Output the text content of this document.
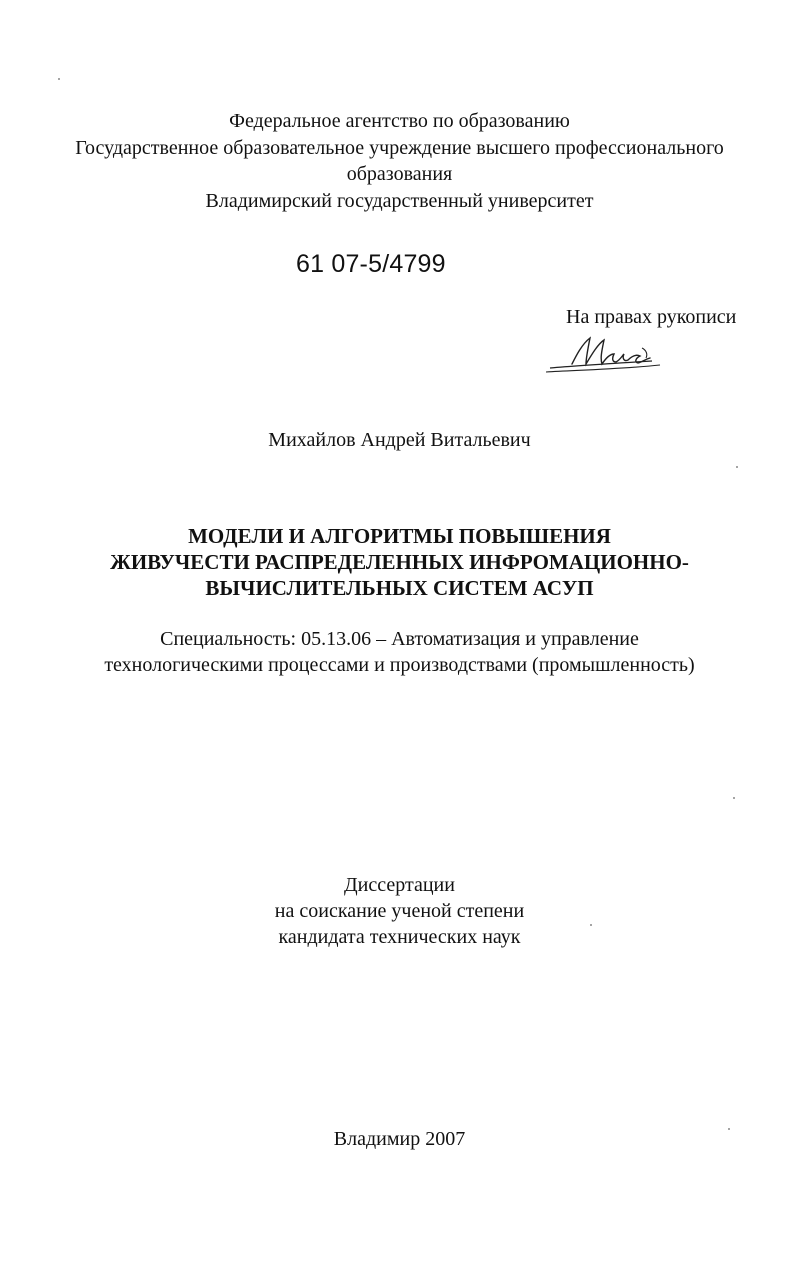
Федеральное агентство по образованию
Государственное образовательное учреждение высшего профессионального
образования
Владимирский государственный университет
61 07-5/4799
На правах рукописи
Михайлов Андрей Витальевич
МОДЕЛИ И АЛГОРИТМЫ ПОВЫШЕНИЯ
ЖИВУЧЕСТИ РАСПРЕДЕЛЕННЫХ ИНФРОМАЦИОННО-
ВЫЧИСЛИТЕЛЬНЫХ СИСТЕМ АСУП
Специальность: 05.13.06 – Автоматизация и управление
технологическими процессами и производствами (промышленность)
Диссертации
на соискание ученой степени
кандидата технических наук
Владимир 2007
